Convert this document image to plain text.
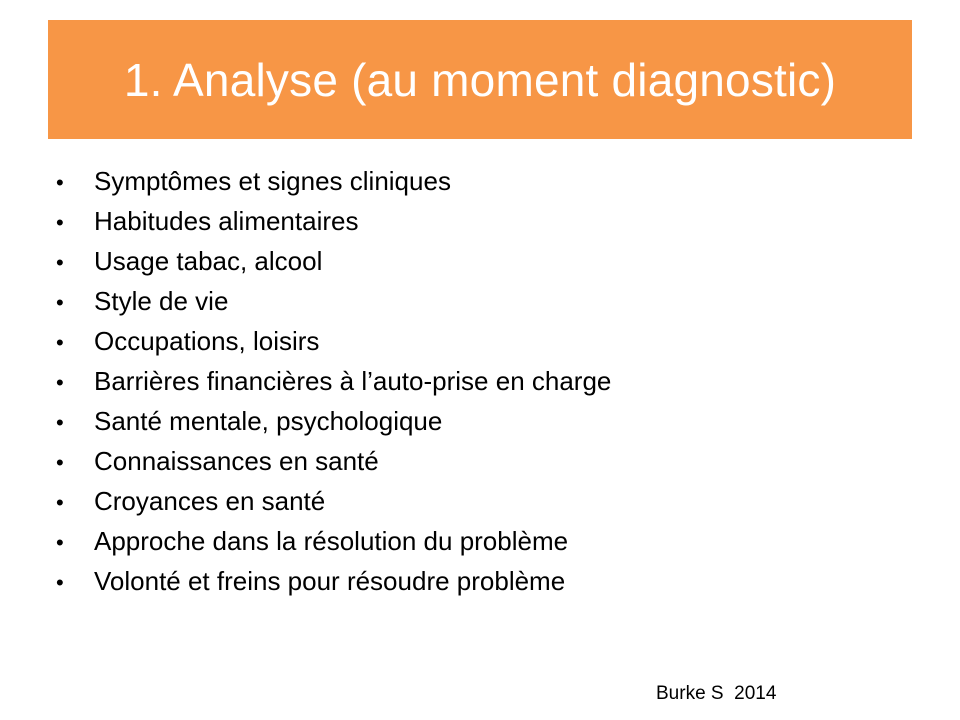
1. Analyse (au moment diagnostic)
•	Symptômes et signes cliniques
•	Habitudes alimentaires
•	Usage tabac, alcool
•	Style de vie
•	Occupations, loisirs
•	Barrières financières à l’auto-prise en charge
•	Santé mentale, psychologique
•	Connaissances en santé
•	Croyances en santé
•	Approche dans la résolution du problème
•	Volonté et freins pour résoudre problème
Burke S  2014
